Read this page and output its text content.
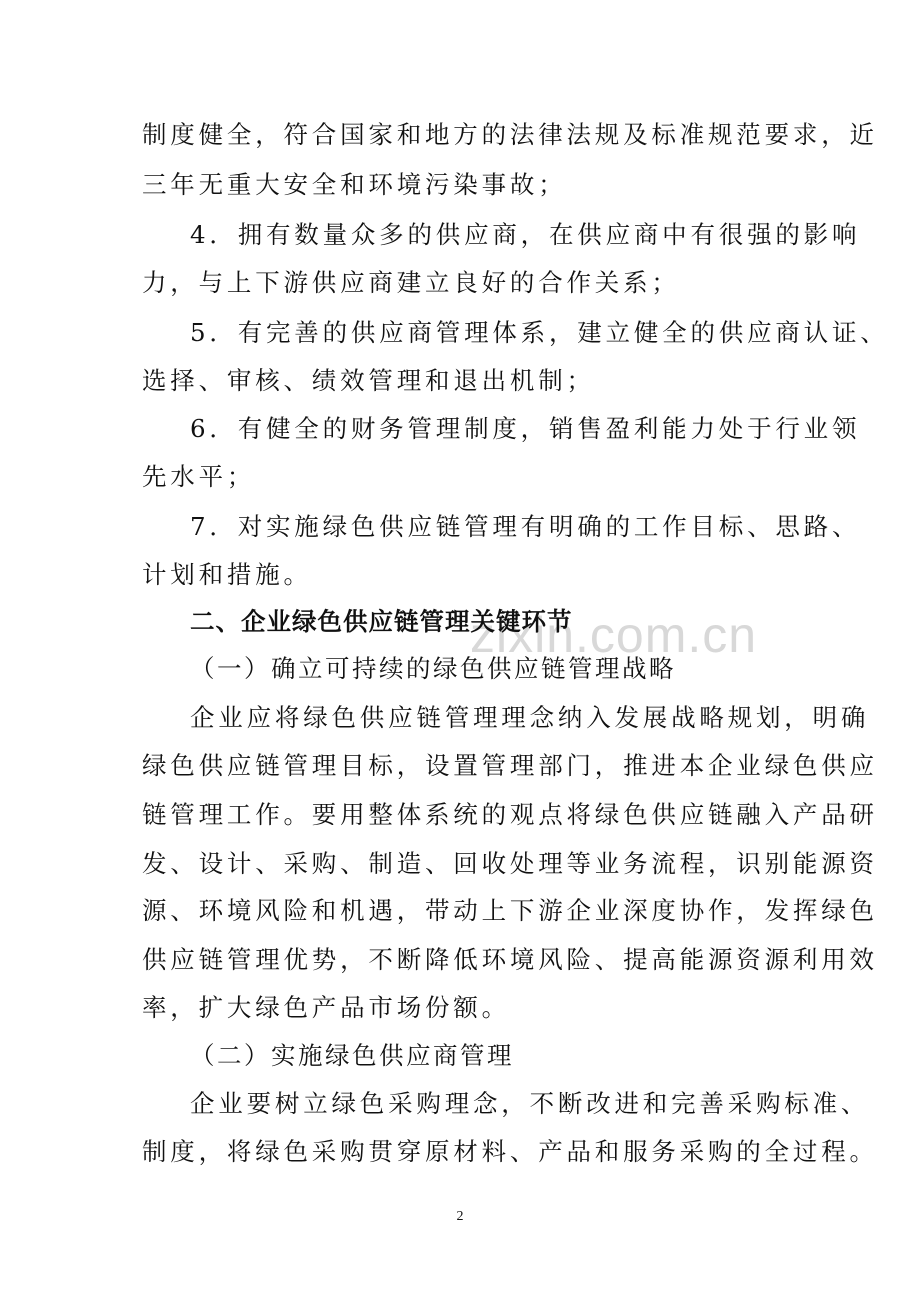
zixin.com.cn
制度健全，符合国家和地方的法律法规及标准规范要求，近
三年无重大安全和环境污染事故；
4．拥有数量众多的供应商，在供应商中有很强的影响
力，与上下游供应商建立良好的合作关系；
5．有完善的供应商管理体系，建立健全的供应商认证、
选择、审核、绩效管理和退出机制；
6．有健全的财务管理制度，销售盈利能力处于行业领
先水平；
7．对实施绿色供应链管理有明确的工作目标、思路、
计划和措施。
二、企业绿色供应链管理关键环节
（一）确立可持续的绿色供应链管理战略
企业应将绿色供应链管理理念纳入发展战略规划，明确
绿色供应链管理目标，设置管理部门，推进本企业绿色供应
链管理工作。要用整体系统的观点将绿色供应链融入产品研
发、设计、采购、制造、回收处理等业务流程，识别能源资
源、环境风险和机遇，带动上下游企业深度协作，发挥绿色
供应链管理优势，不断降低环境风险、提高能源资源利用效
率，扩大绿色产品市场份额。
（二）实施绿色供应商管理
企业要树立绿色采购理念，不断改进和完善采购标准、
制度，将绿色采购贯穿原材料、产品和服务采购的全过程。
2
